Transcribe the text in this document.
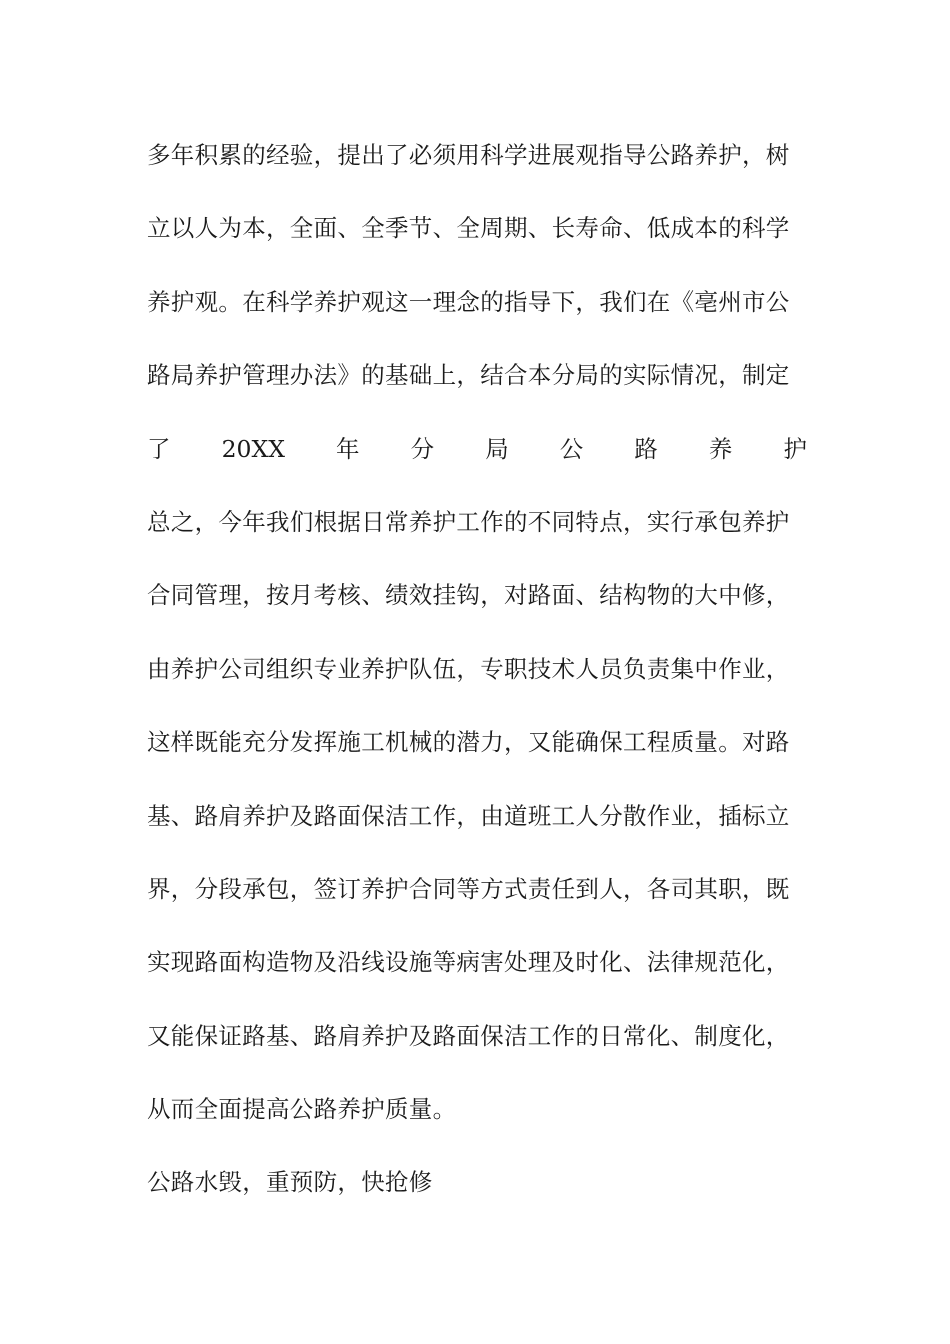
多年积累的经验，提出了必须用科学进展观指导公路养护，树
立以人为本，全面、全季节、全周期、长寿命、低成本的科学
养护观。在科学养护观这一理念的指导下，我们在《亳州市公
路局养护管理办法》的基础上，结合本分局的实际情况，制定
了 20XX 年 分 局 公 路 养 护
总之，今年我们根据日常养护工作的不同特点，实行承包养护
合同管理，按月考核、绩效挂钩，对路面、结构物的大中修，
由养护公司组织专业养护队伍，专职技术人员负责集中作业，
这样既能充分发挥施工机械的潜力，又能确保工程质量。对路
基、路肩养护及路面保洁工作，由道班工人分散作业，插标立
界，分段承包，签订养护合同等方式责任到人，各司其职，既
实现路面构造物及沿线设施等病害处理及时化、法律规范化，
又能保证路基、路肩养护及路面保洁工作的日常化、制度化，
从而全面提高公路养护质量。
公路水毁，重预防，快抢修
